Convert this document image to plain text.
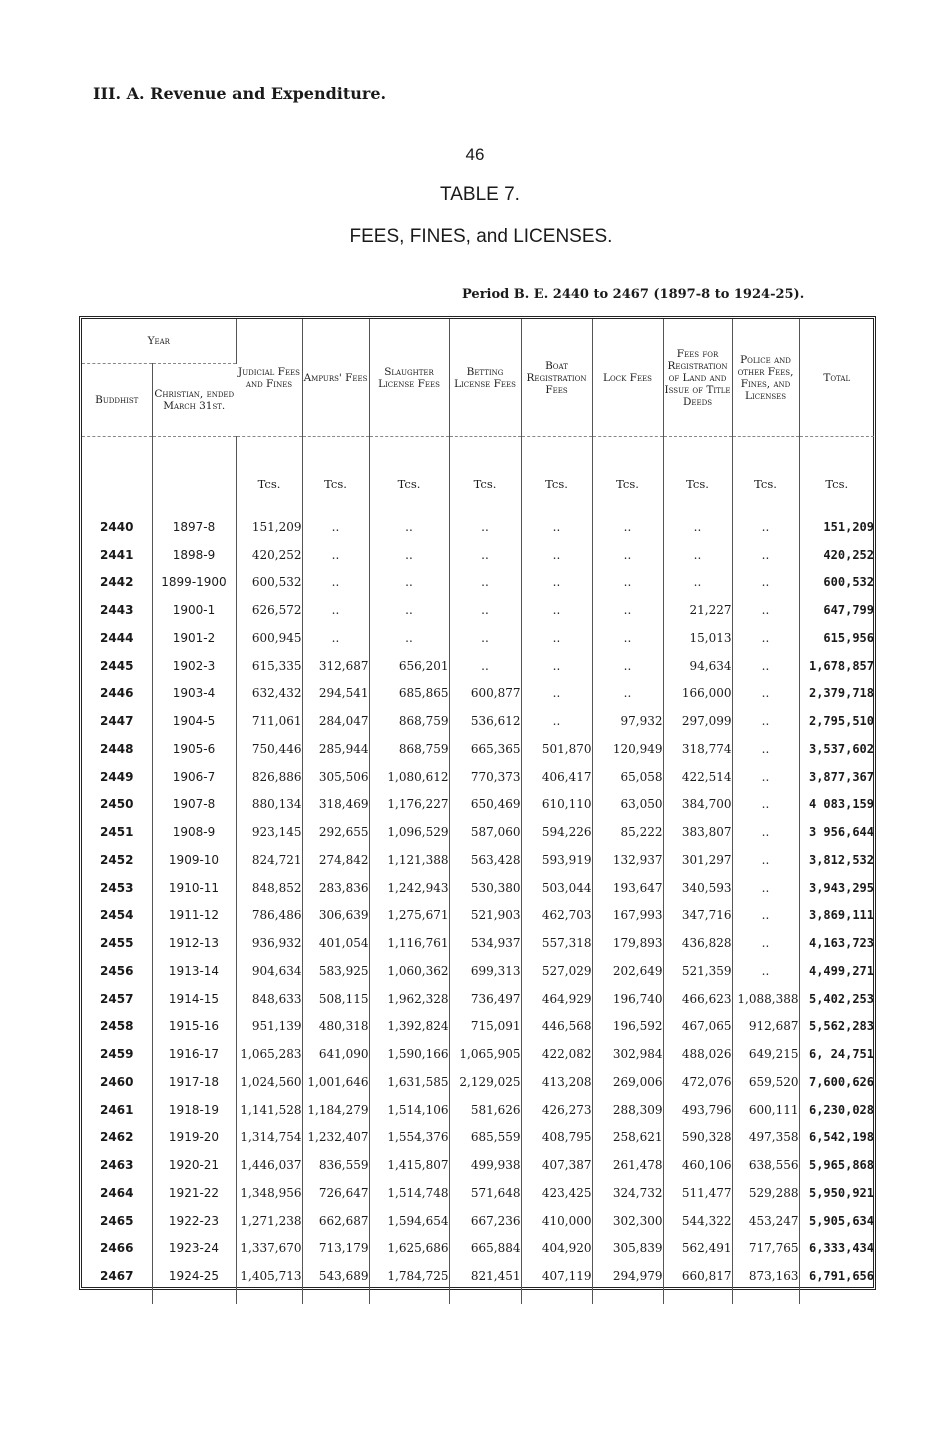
III. A. Revenue and Expenditure.
46
TABLE 7.
FEES, FINES, and LICENSES.
Period B. E. 2440 to 2467 (1897-8 to 1924-25).
Year		Judicial Fees and Fines	Ampurs' Fees	Slaughter License Fees	Betting License Fees	Boat Registration Fees	Lock Fees	Fees for Registration of Land and Issue of Title Deeds	Police and other Fees, Fines, and Licenses	Total
Buddhist	Christian, ended March 31st.									
		Tcs.	Tcs.	Tcs.	Tcs.	Tcs.	Tcs.	Tcs.	Tcs.	Tcs.

2440	1897-8	151,209	..	..	..	..	..	..	..	151,209
2441	1898-9	420,252	..	..	..	..	..	..	..	420,252
2442	1899-1900	600,532	..	..	..	..	..	..	..	600,532
2443	1900-1	626,572	..	..	..	..	..	21,227	..	647,799
2444	1901-2	600,945	..	..	..	..	..	15,013	..	615,956
2445	1902-3	615,335	312,687	656,201	..	..	..	94,634	..	1,678,857
2446	1903-4	632,432	294,541	685,865	600,877	..	..	166,000	..	2,379,718
2447	1904-5	711,061	284,047	868,759	536,612	..	97,932	297,099	..	2,795,510
2448	1905-6	750,446	285,944	868,759	665,365	501,870	120,949	318,774	..	3,537,602
2449	1906-7	826,886	305,506	1,080,612	770,373	406,417	65,058	422,514	..	3,877,367
2450	1907-8	880,134	318,469	1,176,227	650,469	610,110	63,050	384,700	..	4 083,159
2451	1908-9	923,145	292,655	1,096,529	587,060	594,226	85,222	383,807	..	3 956,644
2452	1909-10	824,721	274,842	1,121,388	563,428	593,919	132,937	301,297	..	3,812,532
2453	1910-11	848,852	283,836	1,242,943	530,380	503,044	193,647	340,593	..	3,943,295
2454	1911-12	786,486	306,639	1,275,671	521,903	462,703	167,993	347,716	..	3,869,111
2455	1912-13	936,932	401,054	1,116,761	534,937	557,318	179,893	436,828	..	4,163,723
2456	1913-14	904,634	583,925	1,060,362	699,313	527,029	202,649	521,359	..	4,499,271
2457	1914-15	848,633	508,115	1,962,328	736,497	464,929	196,740	466,623	1,088,388	5,402,253
2458	1915-16	951,139	480,318	1,392,824	715,091	446,568	196,592	467,065	912,687	5,562,283
2459	1916-17	1,065,283	641,090	1,590,166	1,065,905	422,082	302,984	488,026	649,215	6, 24,751
2460	1917-18	1,024,560	1,001,646	1,631,585	2,129,025	413,208	269,006	472,076	659,520	7,600,626
2461	1918-19	1,141,528	1,184,279	1,514,106	581,626	426,273	288,309	493,796	600,111	6,230,028
2462	1919-20	1,314,754	1,232,407	1,554,376	685,559	408,795	258,621	590,328	497,358	6,542,198
2463	1920-21	1,446,037	836,559	1,415,807	499,938	407,387	261,478	460,106	638,556	5,965,868
2464	1921-22	1,348,956	726,647	1,514,748	571,648	423,425	324,732	511,477	529,288	5,950,921
2465	1922-23	1,271,238	662,687	1,594,654	667,236	410,000	302,300	544,322	453,247	5,905,634
2466	1923-24	1,337,670	713,179	1,625,686	665,884	404,920	305,839	562,491	717,765	6,333,434
2467	1924-25	1,405,713	543,689	1,784,725	821,451	407,119	294,979	660,817	873,163	6,791,656
